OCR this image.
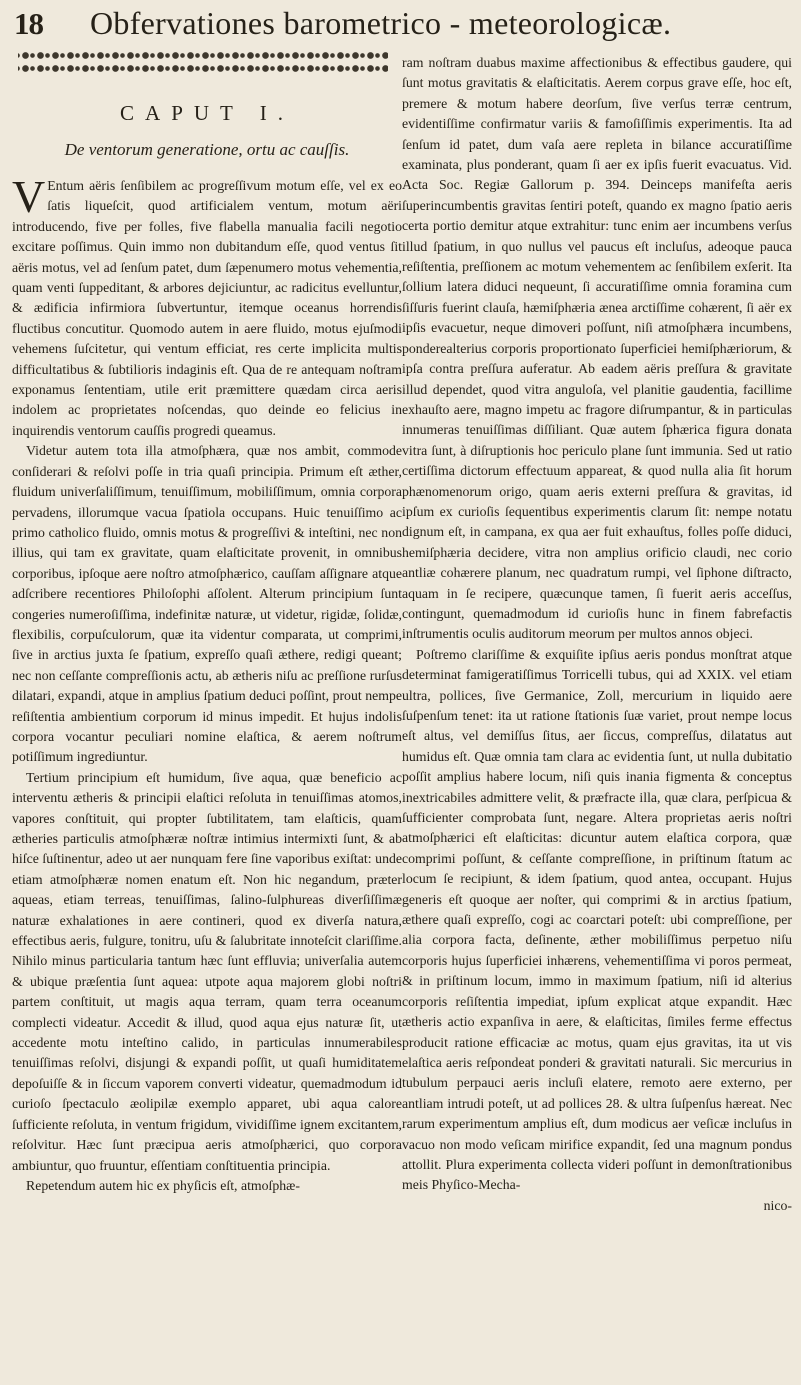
18 Obfervationes barometrico - meteorologicæ.
CAPUT I.
De ventorum generatione, ortu ac cauſſis.

V Entum aëris ſenſibilem ac progreſſivum motum eſſe, vel ex eo ſatis liqueſcit, quod artificialem ventum, motum aëri introducendo, five per folles, five flabella manualia facili negotio excitare poſſimus. Quin immo non dubitandum eſſe, quod ventus ſit aëris motus, vel ad ſenſum patet, dum ſæpenumero motus vehementia, quam venti ſuppeditant, & arbores dejiciuntur, ac radicitus evelluntur, & ædificia infirmiora ſubvertuntur, itemque oceanus horrendis fluctibus concutitur. Quomodo autem in aere fluido, motus ejuſmodi vehemens ſuſcitetur, qui ventum efficiat, res certe implicita multis difficultatibus & ſubtilioris indaginis eſt. Qua de re antequam noſtram exponamus ſententiam, utile erit præmittere quædam circa aeris indolem ac proprietates noſcendas, quo deinde eo felicius in inquirendis ventorum cauſſis progredi queamus.

Videtur autem tota illa atmoſphæra, quæ nos ambit, commode conſiderari & reſolvi poſſe in tria quaſi principia. Primum eſt æther, fluidum univerſaliſſimum, tenuiſſimum, mobiliſſimum, omnia corpora pervadens, illorumque vacua ſpatiola occupans. Huic tenuiſſimo ac primo catholico fluido, omnis motus & progreſſivi & inteſtini, nec non illius, qui tam ex gravitate, quam elaſticitate provenit, in omnibus corporibus, ipſoque aere noſtro atmoſphærico, cauſſam aſſignare atque adſcribere recentiores Philoſophi aſſolent. Alterum principium ſunt congeries numeroſiſſima, indefinitæ naturæ, ut videtur, rigidæ, ſolidæ, flexibilis, corpuſculorum, quæ ita videntur comparata, ut comprimi, ſive in arctius juxta ſe ſpatium, expreſſo quaſi æthere, redigi queant; nec non ceſſante compreſſionis actu, ab ætheris niſu ac preſſione rurſus dilatari, expandi, atque in amplius ſpatium deduci poſſint, prout nempe reſiſtentia ambientium corporum id minus impedit. Et hujus indolis corpora vocantur peculiari nomine elaſtica, & aerem noſtrum potiſſimum ingrediuntur.

Tertium principium eſt humidum, ſive aqua, quæ beneficio ac interventu ætheris & principii elaſtici reſoluta in tenuiſſimas atomos, vapores conſtituit, qui propter ſubtilitatem, tam elaſticis, quam ætheries particulis atmoſphæræ noſtræ intimius intermixti ſunt, & ab hiſce ſuſtinentur, adeo ut aer nunquam fere ſine vaporibus exiſtat: unde etiam atmoſphæræ nomen enatum eſt. Non hic negandum, præter aqueas, etiam terreas, tenuiſſimas, ſalino-ſulphureas diverſiſſimæ naturæ exhalationes in aere contineri, quod ex diverſa natura, effectibus aeris, fulgure, tonitru, uſu & ſalubritate innoteſcit clariſſime. Nihilo minus particularia tantum hæc ſunt effluvia; univerſalia autem & ubique præſentia ſunt aquea: utpote aqua majorem globi noſtri partem conſtituit, ut magis aqua terram, quam terra oceanum complecti videatur. Accedit & illud, quod aqua ejus naturæ ſit, ut accedente motu inteſtino calido, in particulas innumerabiles tenuiſſimas reſolvi, disjungi & expandi poſſit, ut quaſi humiditatem depoſuiſſe & in ſiccum vaporem converti videatur, quemadmodum id curioſo ſpectaculo æolipilæ exemplo apparet, ubi aqua calore ſufficiente reſoluta, in ventum frigidum, vividiſſime ignem excitantem, reſolvitur. Hæc ſunt præcipua aeris atmoſphærici, quo corpora ambiuntur, quo fruuntur, eſſentiam conſtituentia principia.

Repetendum autem hic ex phyſicis eſt, atmoſphæ-

ram noſtram duabus maxime affectionibus & effectibus gaudere, qui ſunt motus gravitatis & elaſticitatis. Aerem corpus grave eſſe, hoc eſt, premere & motum habere deorſum, ſive verſus terræ centrum, evidentiſſime confirmatur variis & famoſiſſimis experimentis. Ita ad ſenſum id patet, dum vaſa aere repleta in bilance accuratiſſime examinata, plus ponderant, quam ſi aer ex ipſis fuerit evacuatus. Vid. Acta Soc. Regiæ Gallorum p. 394. Deinceps manifeſta aeris ſuperincumbentis gravitas ſentiri poteſt, quando ex magno ſpatio aeris certa portio demitur atque extrahitur: tunc enim aer incumbens verſus illud ſpatium, in quo nullus vel paucus eſt incluſus, adeoque pauca reſiſtentia, preſſionem ac motum vehementem ac ſenſibilem exſerit. Ita ſollium latera diduci nequeunt, ſi accuratiſſime omnia foramina cum ſiſſuris fuerint clauſa, hæmiſphæria ænea arctiſſime cohærent, ſi aër ex ipſis evacuetur, neque dimoveri poſſunt, niſi atmoſphæra incumbens, ponderealterius corporis proportionato ſuperficiei hemiſphæriorum, & ipſa contra preſſura auferatur. Ab eadem aëris preſſura & gravitate illud dependet, quod vitra anguloſa, vel planitie gaudentia, facillime exhauſto aere, magno impetu ac fragore diſrumpantur, & in particulas innumeras tenuiſſimas diſſiliant. Quæ autem ſphærica figura donata vitra ſunt, à diſruptionis hoc periculo plane ſunt immunia. Sed ut ratio certiſſima dictorum effectuum appareat, & quod nulla alia ſit horum phænomenorum origo, quam aeris externi preſſura & gravitas, id ipſum ex curioſis ſequentibus experimentis clarum ſit: nempe notatu dignum eſt, in campana, ex qua aer fuit exhauſtus, folles poſſe diduci, hemiſphæria decidere, vitra non amplius orificio claudi, nec corio antliæ cohærere planum, nec quadratum rumpi, vel ſiphone diſtracto, aquam in ſe recipere, quæcunque tamen, ſi fuerit aeris acceſſus, contingunt, quemadmodum id curioſis hunc in finem fabrefactis inſtrumentis oculis auditorum meorum per multos annos objeci.

Poſtremo clariſſime & exquiſite ipſius aeris pondus monſtrat atque determinat famigeratiſſimus Torricelli tubus, qui ad XXIX. vel etiam ultra, pollices, ſive Germanice, Zoll, mercurium in liquido aere ſuſpenſum tenet: ita ut ratione ſtationis ſuæ variet, prout nempe locus eſt altus, vel demiſſus ſitus, aer ſiccus, compreſſus, dilatatus aut humidus eſt. Quæ omnia tam clara ac evidentia ſunt, ut nulla dubitatio poſſit amplius habere locum, niſi quis inania figmenta & conceptus inextricabiles admittere velit, & præfracte illa, quæ clara, perſpicua & ſufficienter comprobata ſunt, negare. Altera proprietas aeris noſtri atmoſphærici eſt elaſticitas: dicuntur autem elaſtica corpora, quæ comprimi poſſunt, & ceſſante compreſſione, in priſtinum ſtatum ac locum ſe recipiunt, & idem ſpatium, quod antea, occupant. Hujus generis eſt quoque aer noſter, qui comprimi & in arctius ſpatium, æthere quaſi expreſſo, cogi ac coarctari poteſt: ubi compreſſione, per alia corpora facta, deſinente, æther mobiliſſimus perpetuo niſu corporis hujus ſuperficiei inhærens, vehementiſſima vi poros permeat, & in priſtinum locum, immo in maximum ſpatium, niſi id alterius corporis reſiſtentia impediat, ipſum explicat atque expandit. Hæc ætheris actio expanſiva in aere, & elaſticitas, ſimiles ferme effectus producit ratione efficaciæ ac motus, quam ejus gravitas, ita ut vis elaſtica aeris reſpondeat ponderi & gravitati naturali. Sic mercurius in tubulum perpauci aeris incluſi elatere, remoto aere externo, per antliam intrudi poteſt, ut ad pollices 28. & ultra ſuſpenſus hæreat. Nec rarum experimentum amplius eſt, dum modicus aer veſicæ incluſus in vacuo non modo veſicam mirifice expandit, ſed una magnum pondus attollit. Plura experimenta collecta videri poſſunt in demonſtrationibus meis Phyſico-Mecha-

nico-
